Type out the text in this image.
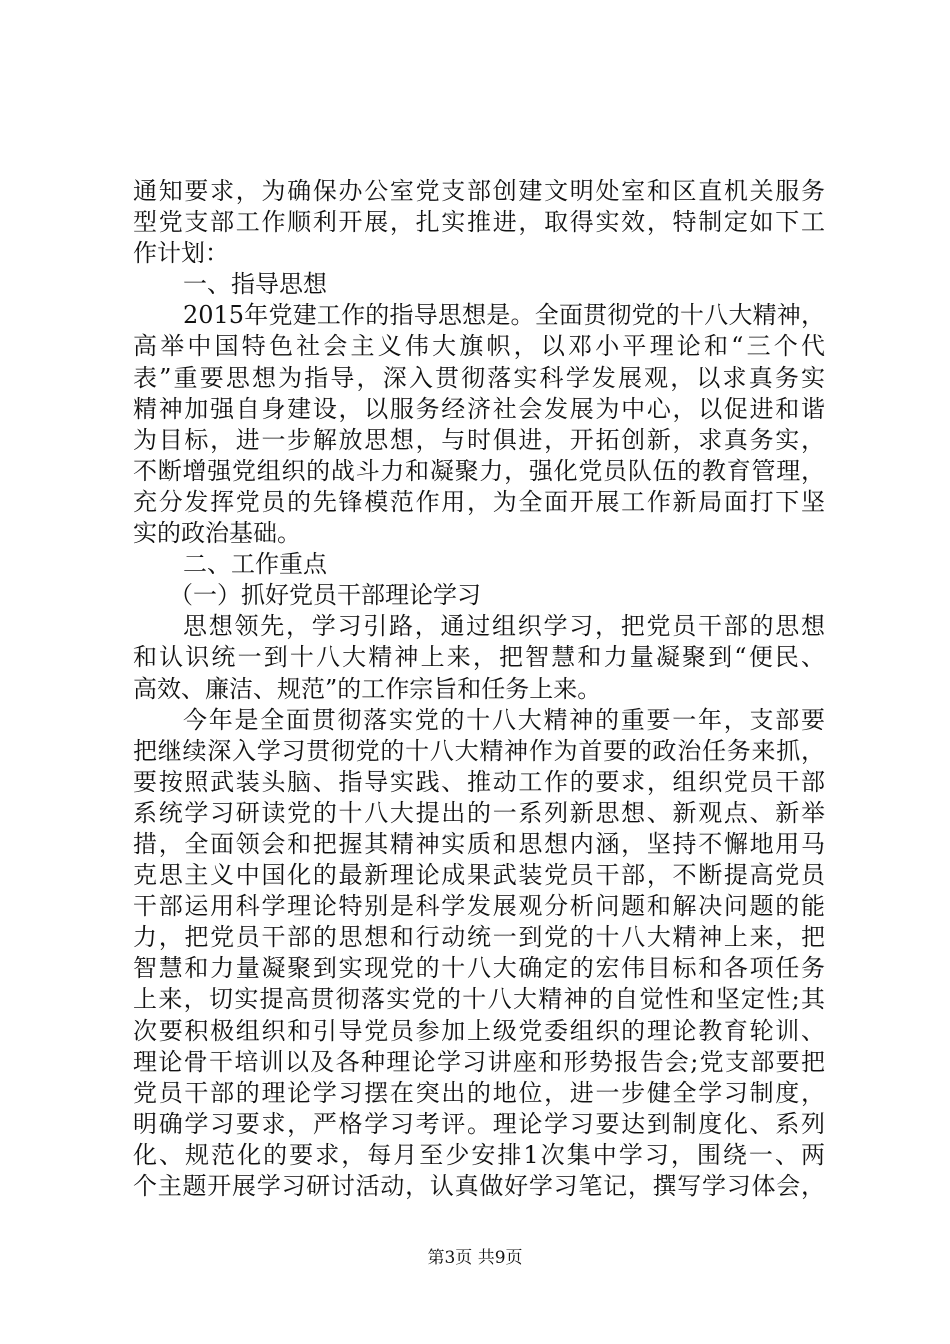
通知要求，为确保办公室党支部创建文明处室和区直机关服务
型党支部工作顺利开展，扎实推进，取得实效，特制定如下工
作计划：
一、指导思想
2015年党建工作的指导思想是。全面贯彻党的十八大精神，
高举中国特色社会主义伟大旗帜，以邓小平理论和“三个代
表”重要思想为指导，深入贯彻落实科学发展观，以求真务实
精神加强自身建设，以服务经济社会发展为中心，以促进和谐
为目标，进一步解放思想，与时俱进，开拓创新，求真务实，
不断增强党组织的战斗力和凝聚力，强化党员队伍的教育管理，
充分发挥党员的先锋模范作用，为全面开展工作新局面打下坚
实的政治基础。
二、工作重点
（一）抓好党员干部理论学习
思想领先，学习引路，通过组织学习，把党员干部的思想
和认识统一到十八大精神上来，把智慧和力量凝聚到“便民、
高效、廉洁、规范”的工作宗旨和任务上来。
今年是全面贯彻落实党的十八大精神的重要一年，支部要
把继续深入学习贯彻党的十八大精神作为首要的政治任务来抓，
要按照武装头脑、指导实践、推动工作的要求，组织党员干部
系统学习研读党的十八大提出的一系列新思想、新观点、新举
措，全面领会和把握其精神实质和思想内涵，坚持不懈地用马
克思主义中国化的最新理论成果武装党员干部，不断提高党员
干部运用科学理论特别是科学发展观分析问题和解决问题的能
力，把党员干部的思想和行动统一到党的十八大精神上来，把
智慧和力量凝聚到实现党的十八大确定的宏伟目标和各项任务
上来，切实提高贯彻落实党的十八大精神的自觉性和坚定性;其
次要积极组织和引导党员参加上级党委组织的理论教育轮训、
理论骨干培训以及各种理论学习讲座和形势报告会;党支部要把
党员干部的理论学习摆在突出的地位，进一步健全学习制度，
明确学习要求，严格学习考评。理论学习要达到制度化、系列
化、规范化的要求，每月至少安排1次集中学习，围绕一、两
个主题开展学习研讨活动，认真做好学习笔记，撰写学习体会，
第3页 共9页
